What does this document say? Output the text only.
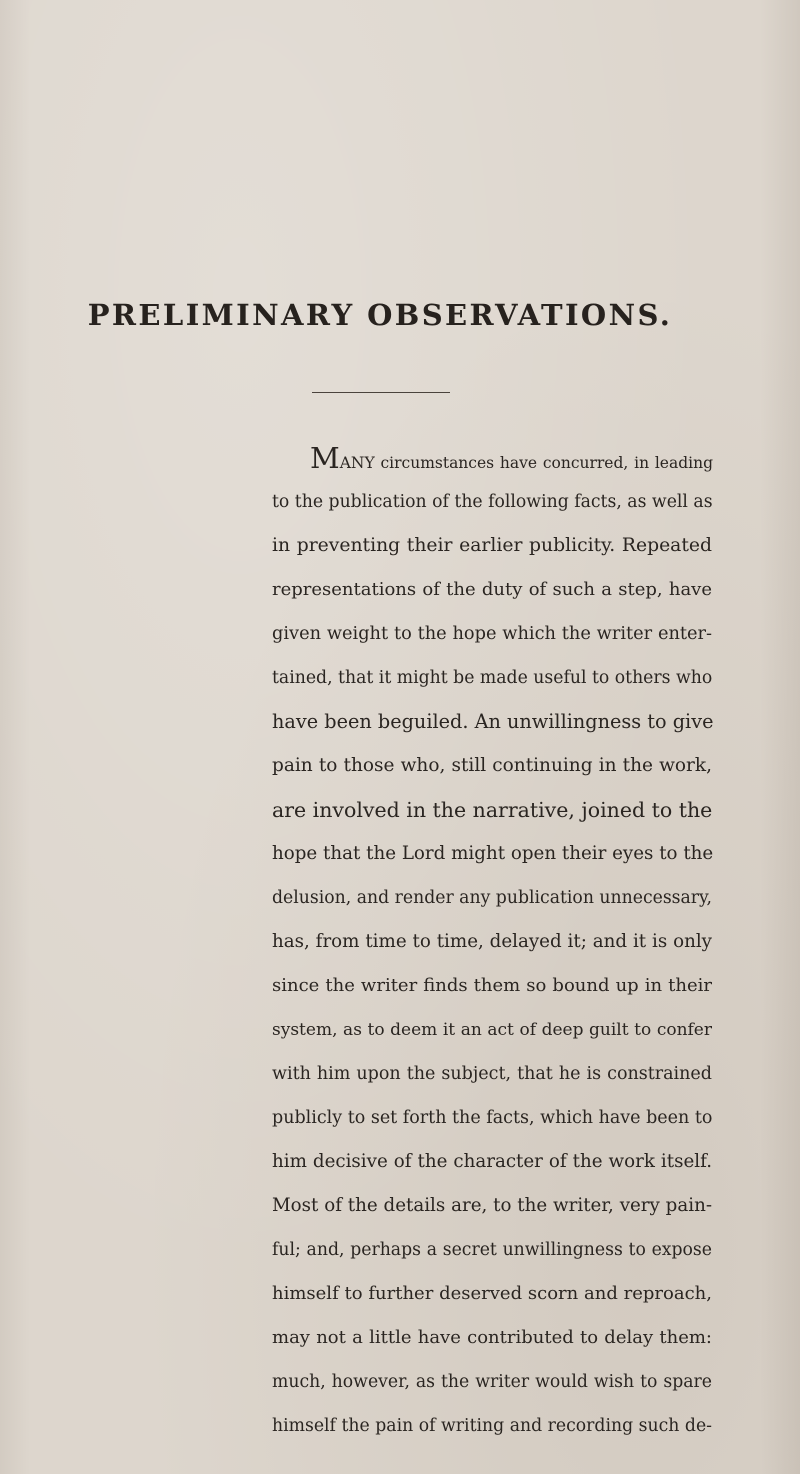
PRELIMINARY OBSERVATIONS.
MANY circumstances have concurred, in leading
to the publication of the following facts, as well as
in preventing their earlier publicity. Repeated
representations of the duty of such a step, have
given weight to the hope which the writer enter-
tained, that it might be made useful to others who
have been beguiled. An unwillingness to give
pain to those who, still continuing in the work,
are involved in the narrative, joined to the
hope that the Lord might open their eyes to the
delusion, and render any publication unnecessary,
has, from time to time, delayed it; and it is only
since the writer finds them so bound up in their
system, as to deem it an act of deep guilt to confer
with him upon the subject, that he is constrained
publicly to set forth the facts, which have been to
him decisive of the character of the work itself.
Most of the details are, to the writer, very pain-
ful; and, perhaps a secret unwillingness to expose
himself to further deserved scorn and reproach,
may not a little have contributed to delay them:
much, however, as the writer would wish to spare
himself the pain of writing and recording such de-
